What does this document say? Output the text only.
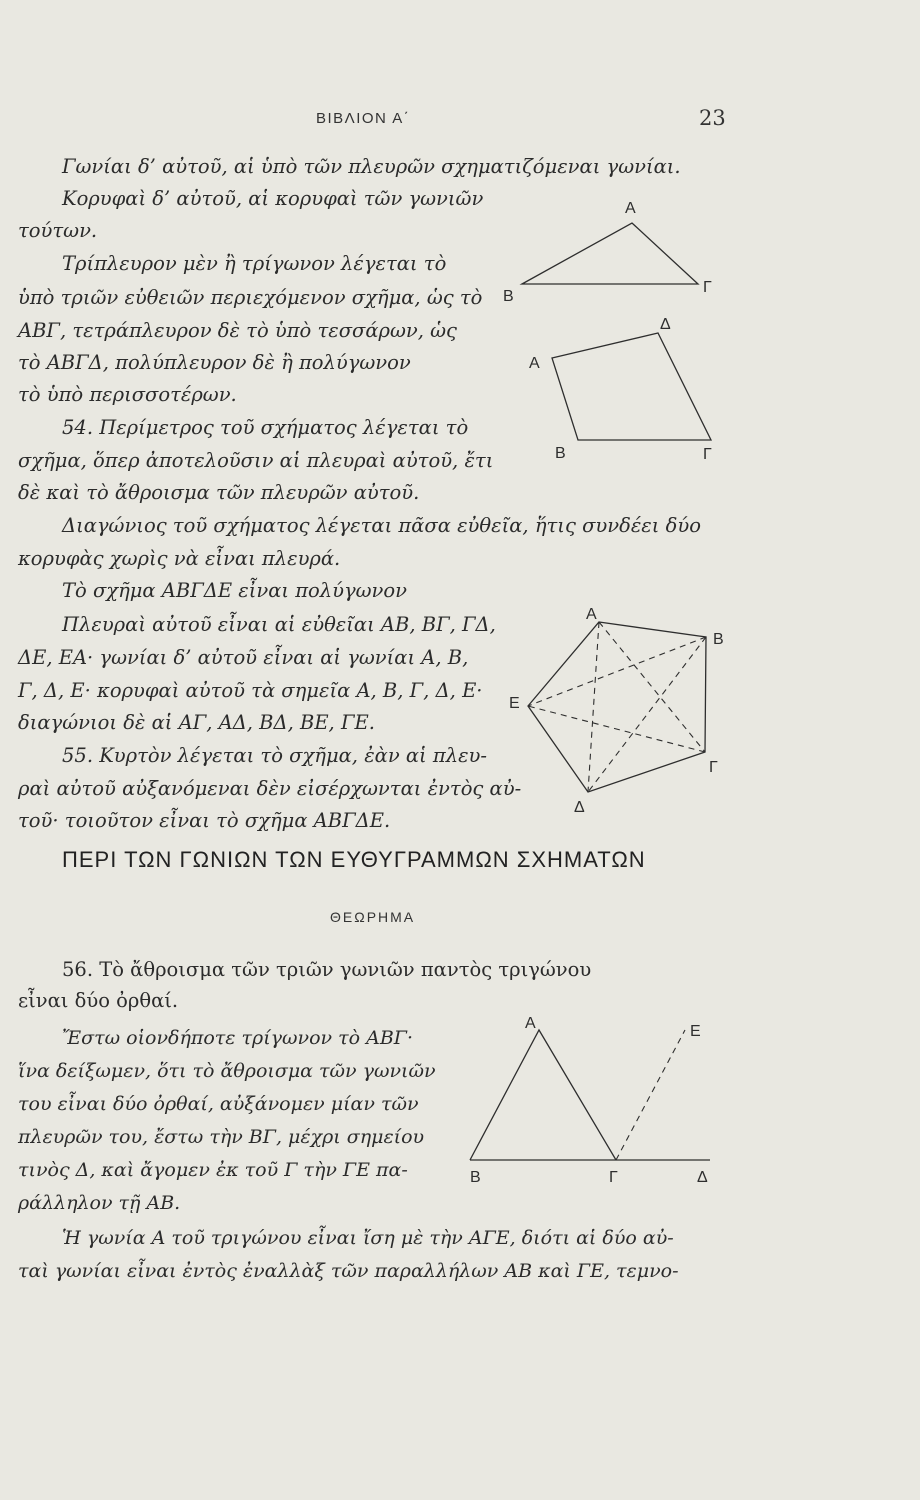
ΒΙΒΛΙΟΝ Α΄	23
Γωνίαι δ’ αὐτοῦ, αἱ ὑπὸ τῶν πλευρῶν σχηματιζόμεναι γωνίαι.
Κορυφαὶ δ’ αὐτοῦ, αἱ κορυφαὶ τῶν γωνιῶν
τούτων.
Τρίπλευρον μὲν ἢ τρίγωνον λέγεται τὸ
ὑπὸ τριῶν εὐθειῶν περιεχόμενον σχῆμα, ὡς τὸ
ΑΒΓ, τετράπλευρον δὲ τὸ ὑπὸ τεσσάρων, ὡς
τὸ ΑΒΓΔ, πολύπλευρον δὲ ἢ πολύγωνον
τὸ ὑπὸ περισσοτέρων.
54. Περίμετρος τοῦ σχήματος λέγεται τὸ
σχῆμα, ὅπερ ἀποτελοῦσιν αἱ πλευραὶ αὐτοῦ, ἔτι
δὲ καὶ τὸ ἄθροισμα τῶν πλευρῶν αὐτοῦ.
Διαγώνιος τοῦ σχήματος λέγεται πᾶσα εὐθεῖα, ἥτις συνδέει δύο
κορυφὰς χωρὶς νὰ εἶναι πλευρά.
Τὸ σχῆμα ΑΒΓΔΕ εἶναι πολύγωνον
Πλευραὶ αὐτοῦ εἶναι αἱ εὐθεῖαι ΑΒ, ΒΓ, ΓΔ,
ΔΕ, ΕΑ· γωνίαι δ’ αὐτοῦ εἶναι αἱ γωνίαι Α, Β,
Γ, Δ, Ε· κορυφαὶ αὐτοῦ τὰ σημεῖα Α, Β, Γ, Δ, Ε·
διαγώνιοι δὲ αἱ ΑΓ, ΑΔ, ΒΔ, ΒΕ, ΓΕ.
55. Κυρτὸν λέγεται τὸ σχῆμα, ἐὰν αἱ πλευ-
ραὶ αὐτοῦ αὐξανόμεναι δὲν εἰσέρχωνται ἐντὸς αὐ-
τοῦ· τοιοῦτον εἶναι τὸ σχῆμα ΑΒΓΔΕ.
ΠΕΡΙ ΤΩΝ ΓΩΝΙΩΝ ΤΩΝ ΕΥΘΥΓΡΑΜΜΩΝ ΣΧΗΜΑΤΩΝ
ΘΕΩΡΗΜΑ
56. Τὸ ἄθροισμα τῶν τριῶν γωνιῶν παντὸς τριγώνου
εἶναι δύο ὀρθαί.
Ἔστω οἱονδήποτε τρίγωνον τὸ ΑΒΓ·
ἵνα δείξωμεν, ὅτι τὸ ἄθροισμα τῶν γωνιῶν
του εἶναι δύο ὀρθαί, αὐξάνομεν μίαν τῶν
πλευρῶν του, ἔστω τὴν ΒΓ, μέχρι σημείου
τινὸς Δ, καὶ ἄγομεν ἐκ τοῦ Γ τὴν ΓΕ πα-
ράλληλον τῇ ΑΒ.
Ἡ γωνία Α τοῦ τριγώνου εἶναι ἴση μὲ τὴν ΑΓΕ, διότι αἱ δύο αὐ-
ταὶ γωνίαι εἶναι ἐντὸς ἐναλλὰξ τῶν παραλλήλων ΑΒ καὶ ΓΕ, τεμνο-
Α
Β
Γ
Α
Β	Γ
Δ
Α
Β
Γ
Δ
Ε
Α
Β	Γ	Δ
Ε
